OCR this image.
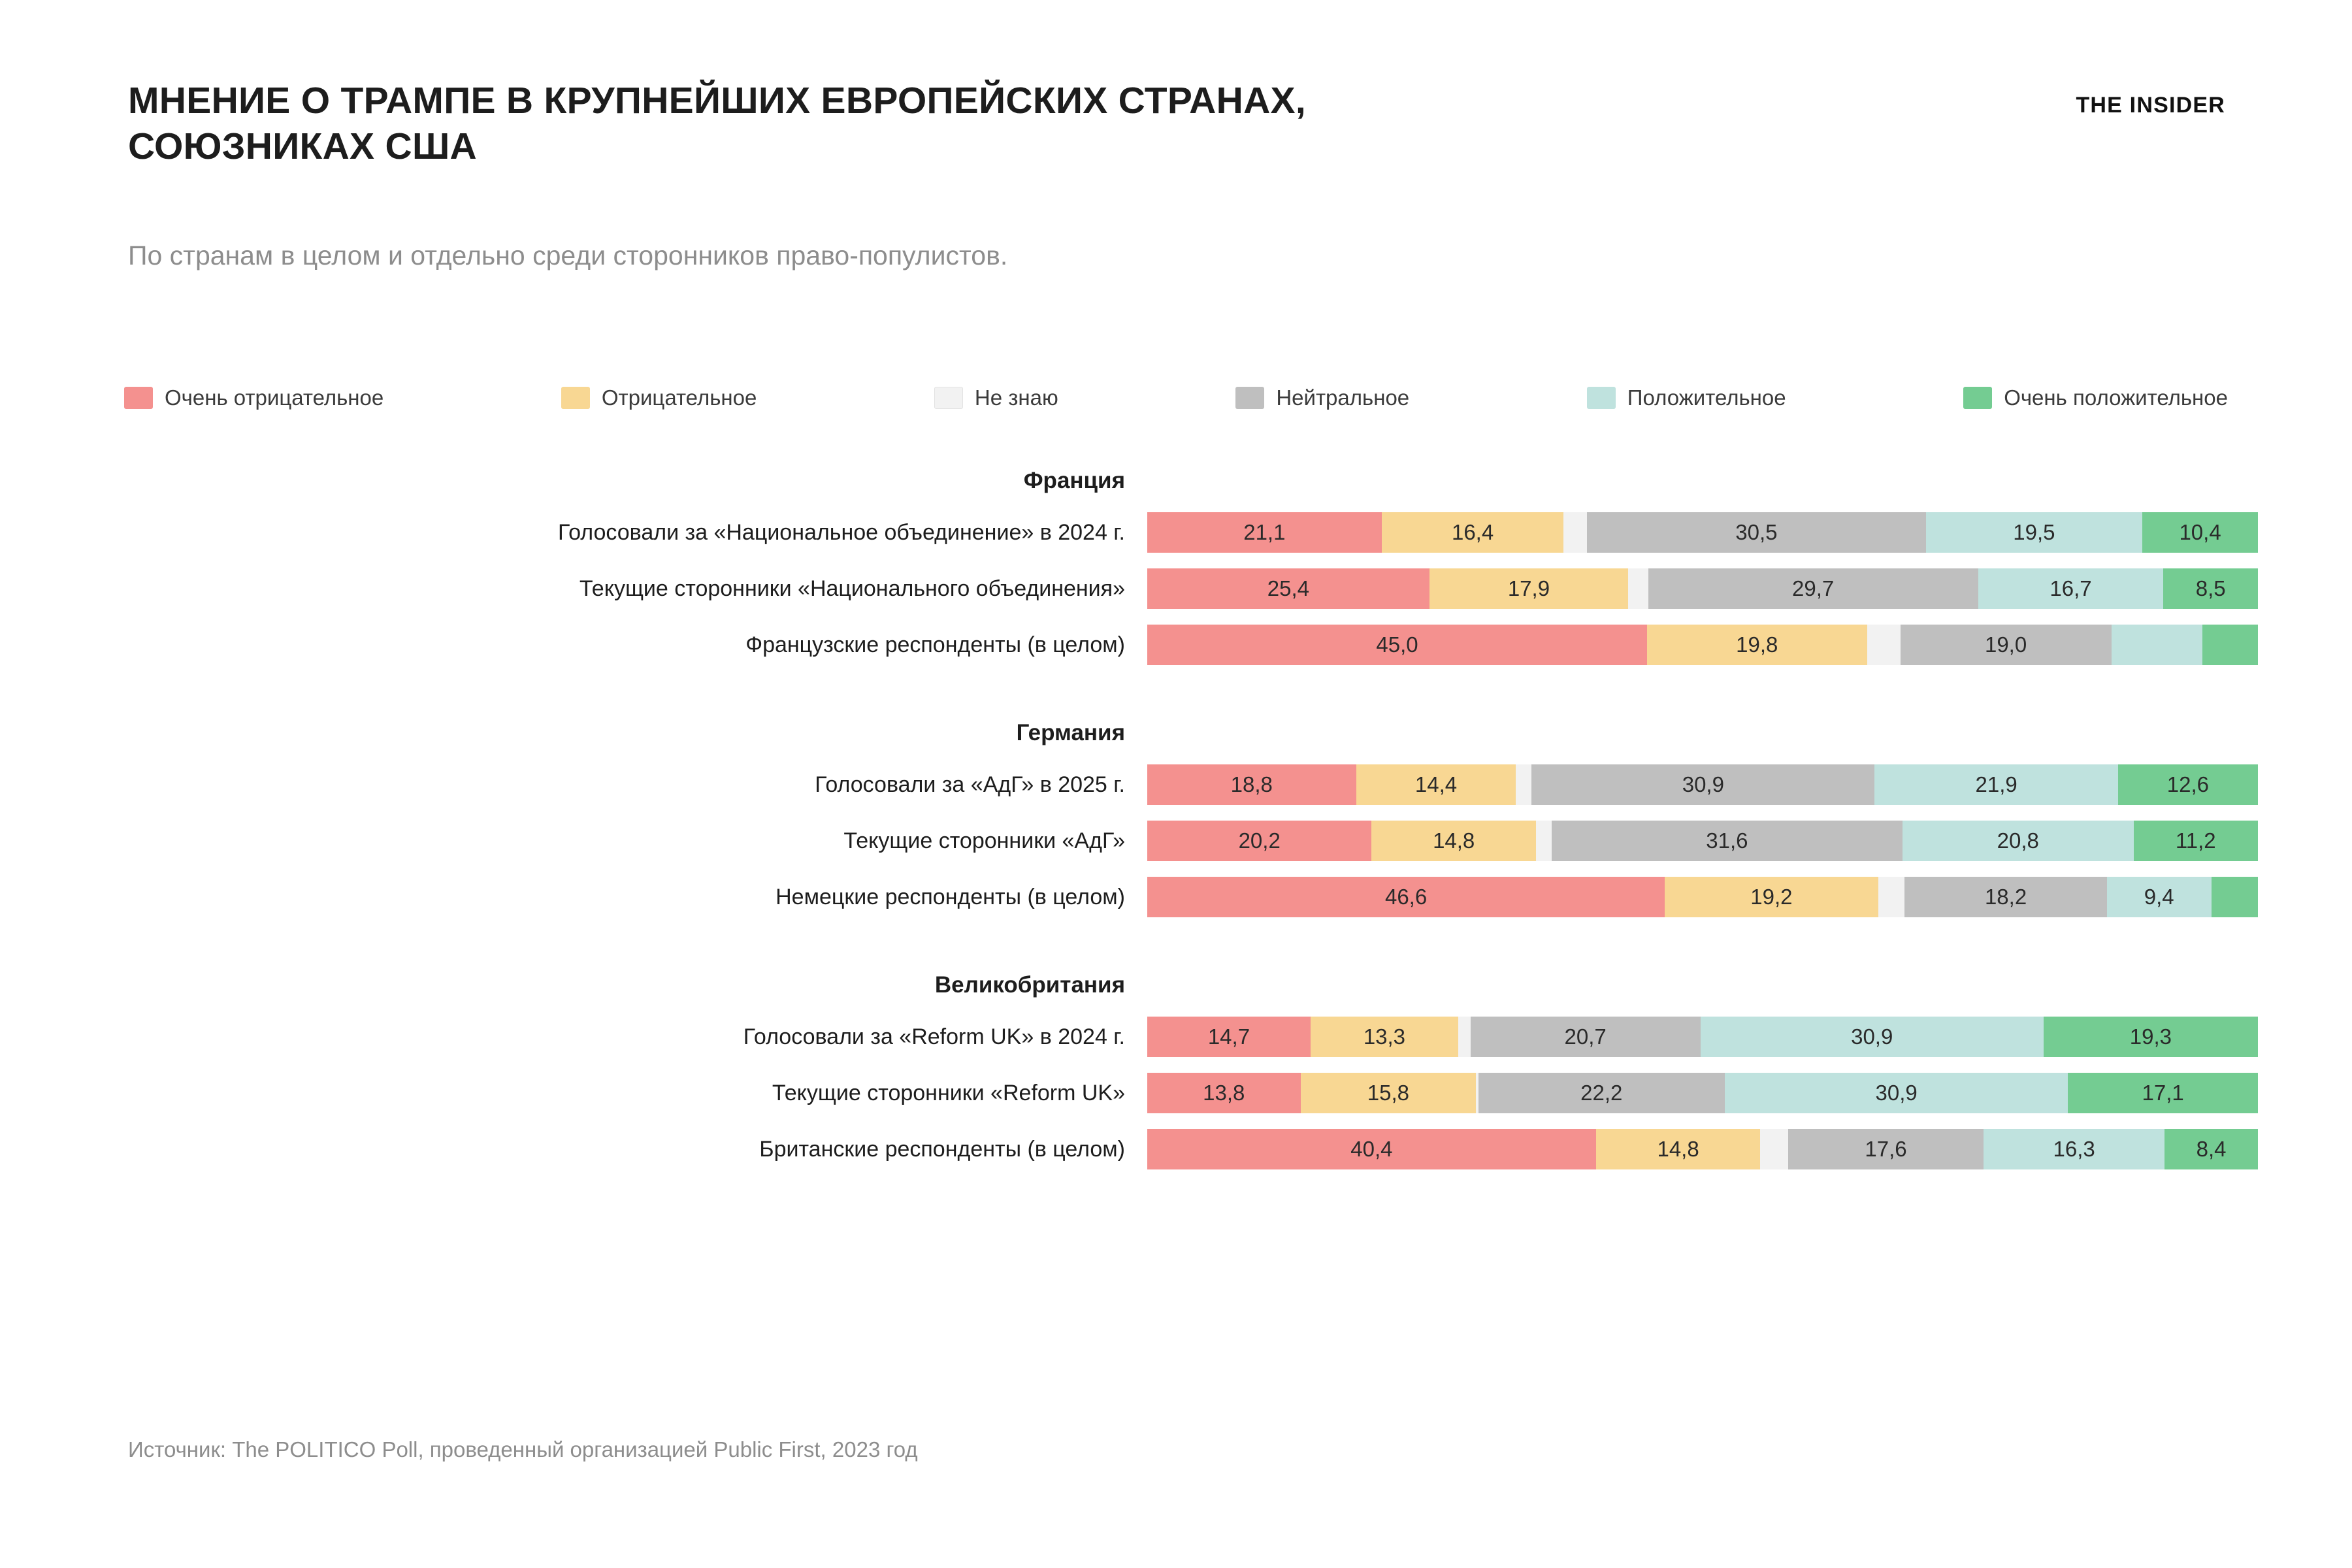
МНЕНИЕ О ТРАМПЕ В КРУПНЕЙШИХ ЕВРОПЕЙСКИХ СТРАНАХ, СОЮЗНИКАХ США
THE INSIDER
По странам в целом и отдельно среди сторонников право-популистов.
Очень отрицательное	Отрицательное	Не знаю	Нейтральное	Положительное	Очень положительное
Франция
Голосовали за «Национальное объединение» в 2024 г.	21,1	16,4	30,5	19,5	10,4
Текущие сторонники «Национального объединения»	25,4	17,9	29,7	16,7	8,5
Французские респонденты (в целом)	45,0	19,8	19,0
Германия
Голосовали за «АдГ» в 2025 г.	18,8	14,4	30,9	21,9	12,6
Текущие сторонники «АдГ»	20,2	14,8	31,6	20,8	11,2
Немецкие респонденты (в целом)	46,6	19,2	18,2	9,4
Великобритания
Голосовали за «Reform UK» в 2024 г.	14,7	13,3	20,7	30,9	19,3
Текущие сторонники «Reform UK»	13,8	15,8	22,2	30,9	17,1
Британские респонденты (в целом)	40,4	14,8	17,6	16,3	8,4
Источник: The POLITICO Poll, проведенный организацией Public First, 2023 год
